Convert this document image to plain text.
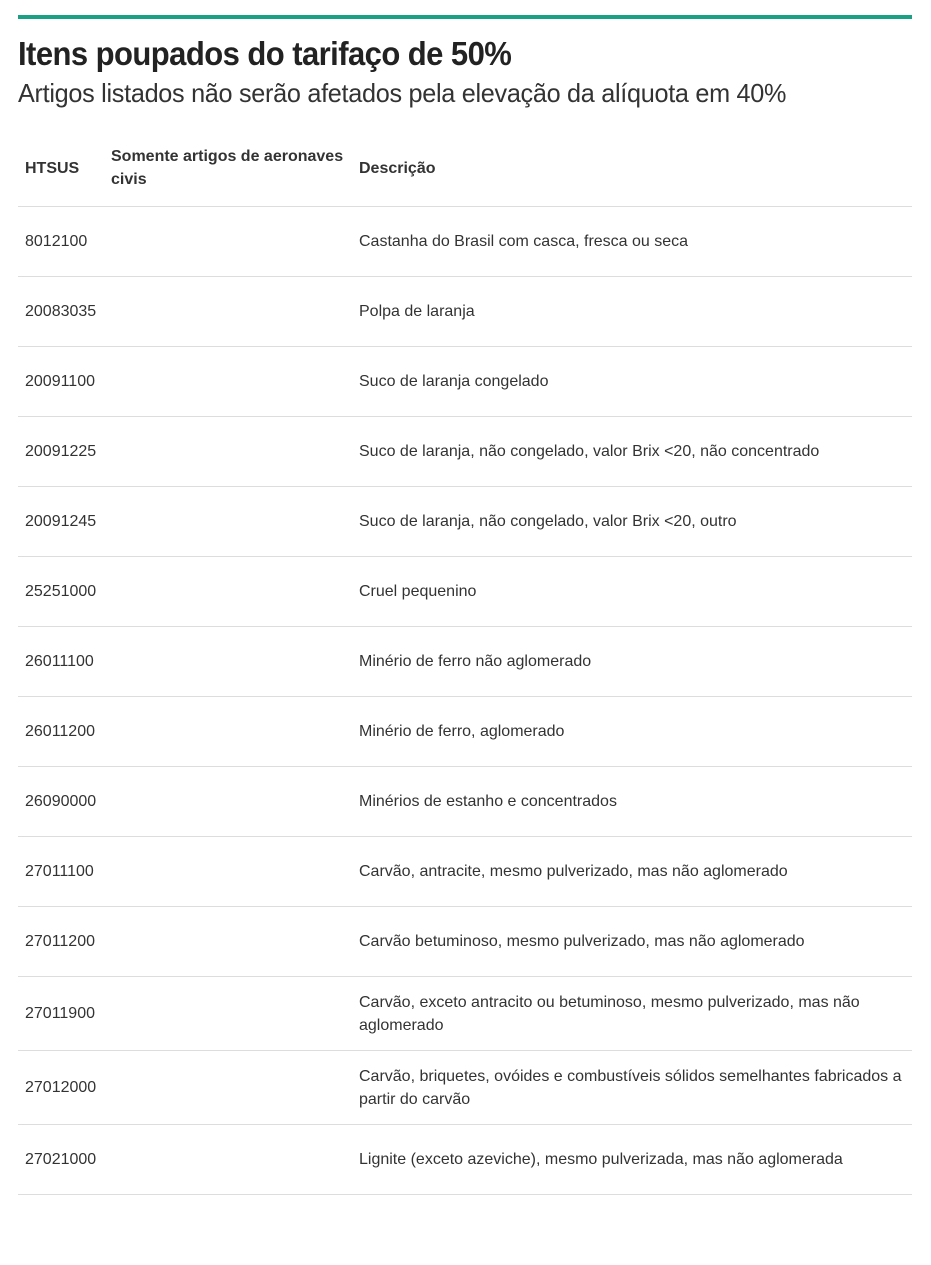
Itens poupados do tarifaço de 50%
Artigos listados não serão afetados pela elevação da alíquota em 40%
HTSUS	Somente artigos de aeronaves civis	Descrição
8012100		Castanha do Brasil com casca, fresca ou seca
20083035		Polpa de laranja
20091100		Suco de laranja congelado
20091225		Suco de laranja, não congelado, valor Brix <20, não concentrado
20091245		Suco de laranja, não congelado, valor Brix <20, outro
25251000		Cruel pequenino
26011100		Minério de ferro não aglomerado
26011200		Minério de ferro, aglomerado
26090000		Minérios de estanho e concentrados
27011100		Carvão, antracite, mesmo pulverizado, mas não aglomerado
27011200		Carvão betuminoso, mesmo pulverizado, mas não aglomerado
27011900		Carvão, exceto antracito ou betuminoso, mesmo pulverizado, mas não aglomerado
27012000		Carvão, briquetes, ovóides e combustíveis sólidos semelhantes fabricados a partir do carvão
27021000		Lignite (exceto azeviche), mesmo pulverizada, mas não aglomerada
